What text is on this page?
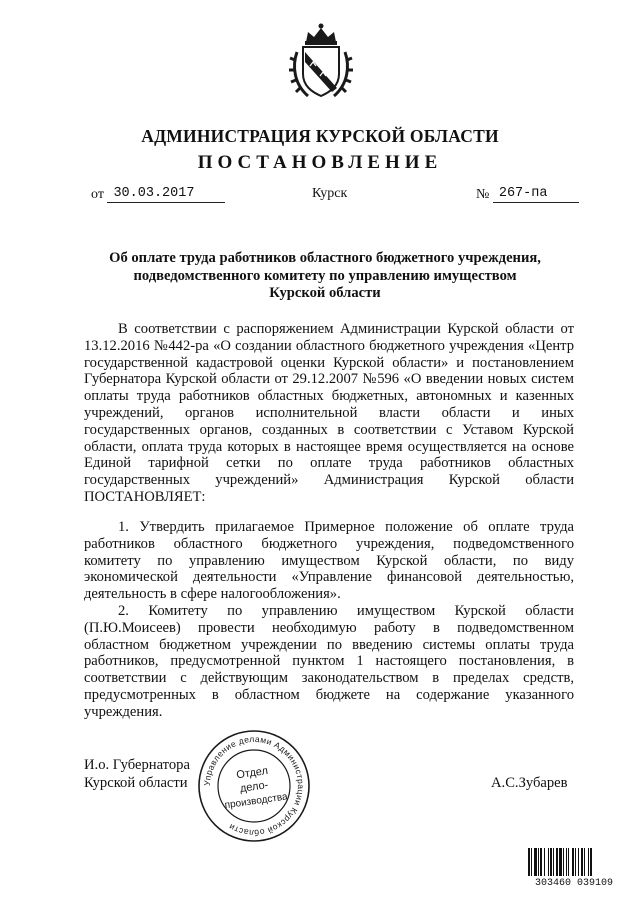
АДМИНИСТРАЦИЯ КУРСКОЙ ОБЛАСТИ
ПОСТАНОВЛЕНИЕ
от 30.03.2017	Курск	№ 267-па
Об оплате труда работников областного бюджетного учреждения,
подведомственного комитету по управлению имуществом
Курской области
В соответствии с распоряжением Администрации Курской области от
13.12.2016 №442-ра «О создании областного бюджетного учреждения «Центр
государственной кадастровой оценки Курской области» и постановлением
Губернатора Курской области от 29.12.2007 №596 «О введении новых систем
оплаты труда работников областных бюджетных, автономных и казенных
учреждений, органов исполнительной власти области и иных
государственных органов, созданных в соответствии с Уставом Курской
области, оплата труда которых в настоящее время осуществляется на основе
Единой тарифной сетки по оплате труда работников областных
государственных учреждений» Администрация Курской области
ПОСТАНОВЛЯЕТ:
1. Утвердить прилагаемое Примерное положение об оплате труда
работников областного бюджетного учреждения, подведомственного
комитету по управлению имуществом Курской области, по виду
экономической деятельности «Управление финансовой деятельностью,
деятельность в сфере налогообложения».
2. Комитету по управлению имуществом Курской области
(П.Ю.Моисеев) провести необходимую работу в подведомственном
областном бюджетном учреждении по введению системы оплаты труда
работников, предусмотренной пунктом 1 настоящего постановления, в
соответствии с действующим законодательством в пределах средств,
предусмотренных в областном бюджете на содержание указанного
учреждения.
И.о. Губернатора
Курской области	А.С.Зубарев
Управление делами Администрации Курской области
Отдел
дело-
производства
303460 039109
